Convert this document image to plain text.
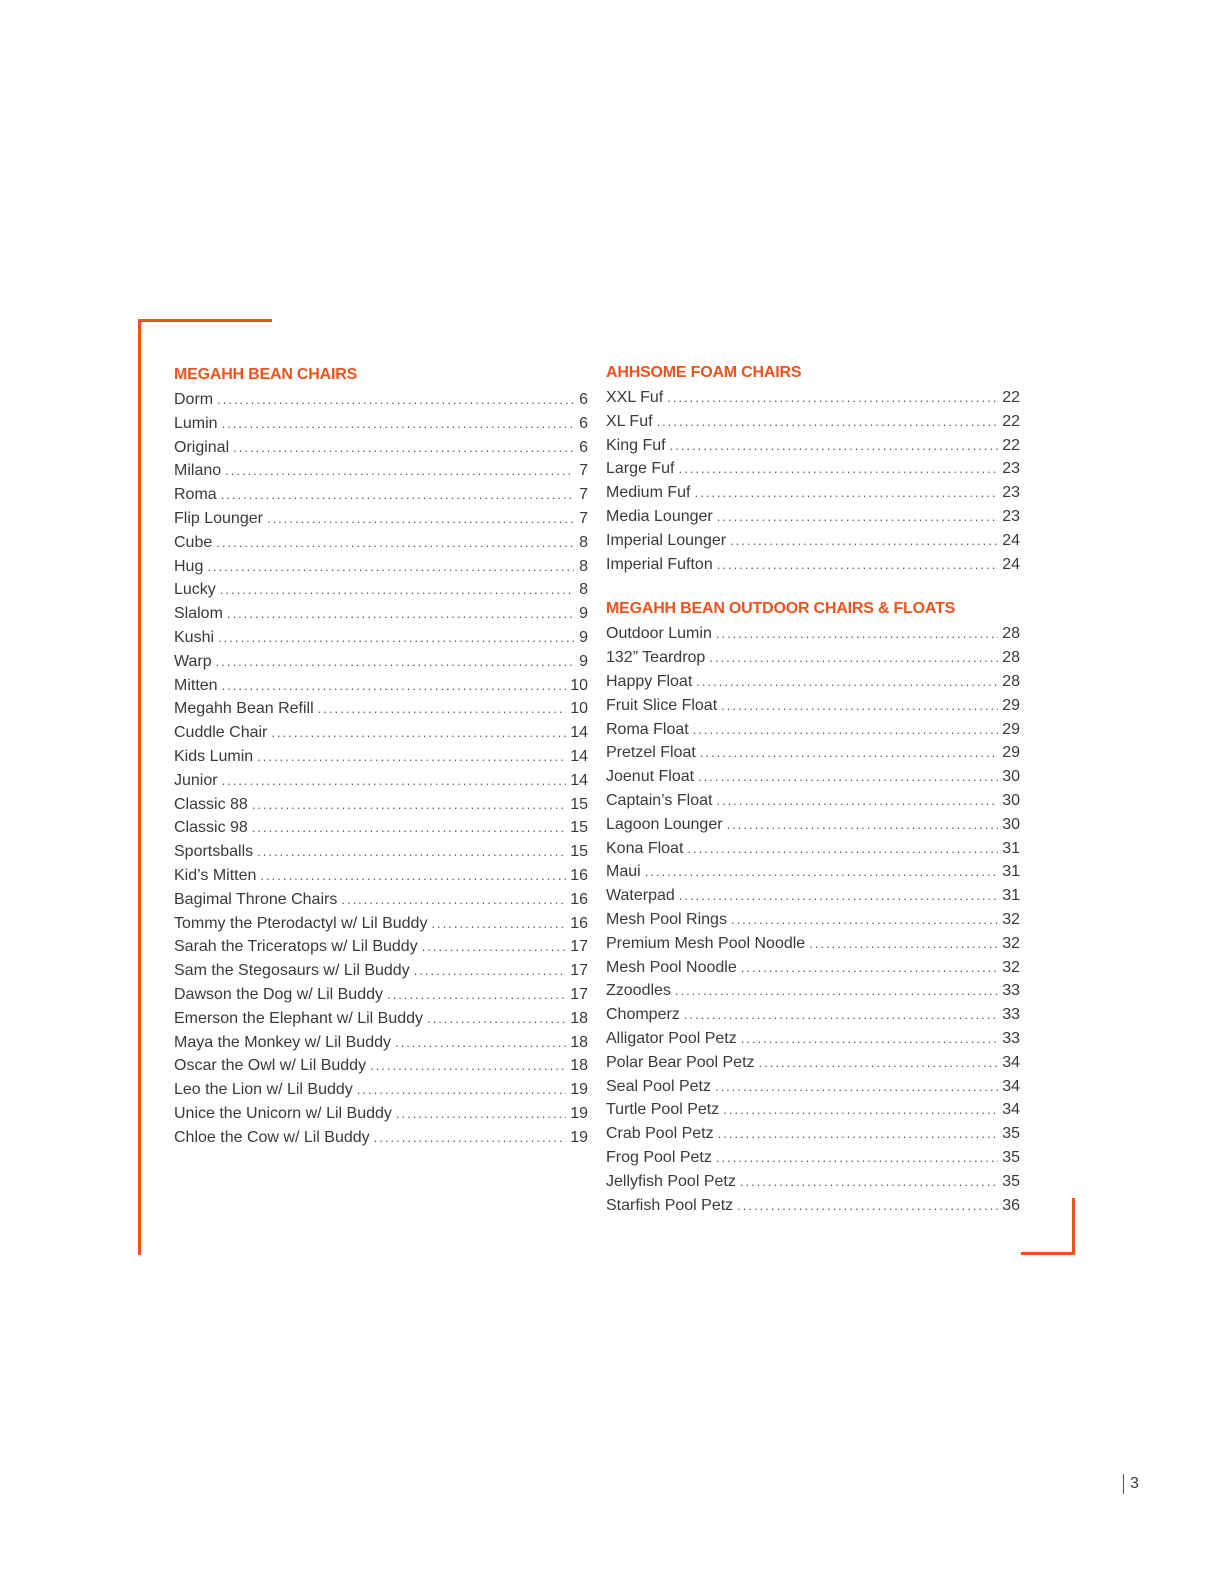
MEGAHH BEAN CHAIRS
Dorm .....	6
Lumin .....	6
Original .....	6
Milano .....	7
Roma .....	7
Flip Lounger .....	7
Cube .....	8
Hug .....	8
Lucky .....	8
Slalom .....	9
Kushi .....	9
Warp .....	9
Mitten .....	10
Megahh Bean Refill .....	10
Cuddle Chair .....	14
Kids Lumin .....	14
Junior .....	14
Classic 88 .....	15
Classic 98 .....	15
Sportsballs .....	15
Kid’s Mitten .....	16
Bagimal Throne Chairs .....	16
Tommy the Pterodactyl w/ Lil Buddy .....	16
Sarah the Triceratops w/ Lil Buddy .....	17
Sam the Stegosaurs w/ Lil Buddy .....	17
Dawson the Dog w/ Lil Buddy .....	17
Emerson the Elephant w/ Lil Buddy .....	18
Maya the Monkey w/ Lil Buddy .....	18
Oscar the Owl w/ Lil Buddy .....	18
Leo the Lion w/ Lil Buddy .....	19
Unice the Unicorn w/ Lil Buddy .....	19
Chloe the Cow w/ Lil Buddy .....	19
AHHSOME FOAM CHAIRS
XXL Fuf .....	22
XL Fuf .....	22
King Fuf .....	22
Large Fuf .....	23
Medium Fuf .....	23
Media Lounger .....	23
Imperial Lounger .....	24
Imperial Fufton .....	24
MEGAHH BEAN OUTDOOR CHAIRS & FLOATS
Outdoor Lumin .....	28
132” Teardrop .....	28
Happy Float .....	28
Fruit Slice Float .....	29
Roma Float .....	29
Pretzel Float .....	29
Joenut Float .....	30
Captain’s Float .....	30
Lagoon Lounger .....	30
Kona Float .....	31
Maui .....	31
Waterpad .....	31
Mesh Pool Rings .....	32
Premium Mesh Pool Noodle .....	32
Mesh Pool Noodle .....	32
Zzoodles .....	33
Chomperz .....	33
Alligator Pool Petz .....	33
Polar Bear Pool Petz .....	34
Seal Pool Petz .....	34
Turtle Pool Petz .....	34
Crab Pool Petz .....	35
Frog Pool Petz .....	35
Jellyfish Pool Petz .....	35
Starfish Pool Petz .....	36
3
